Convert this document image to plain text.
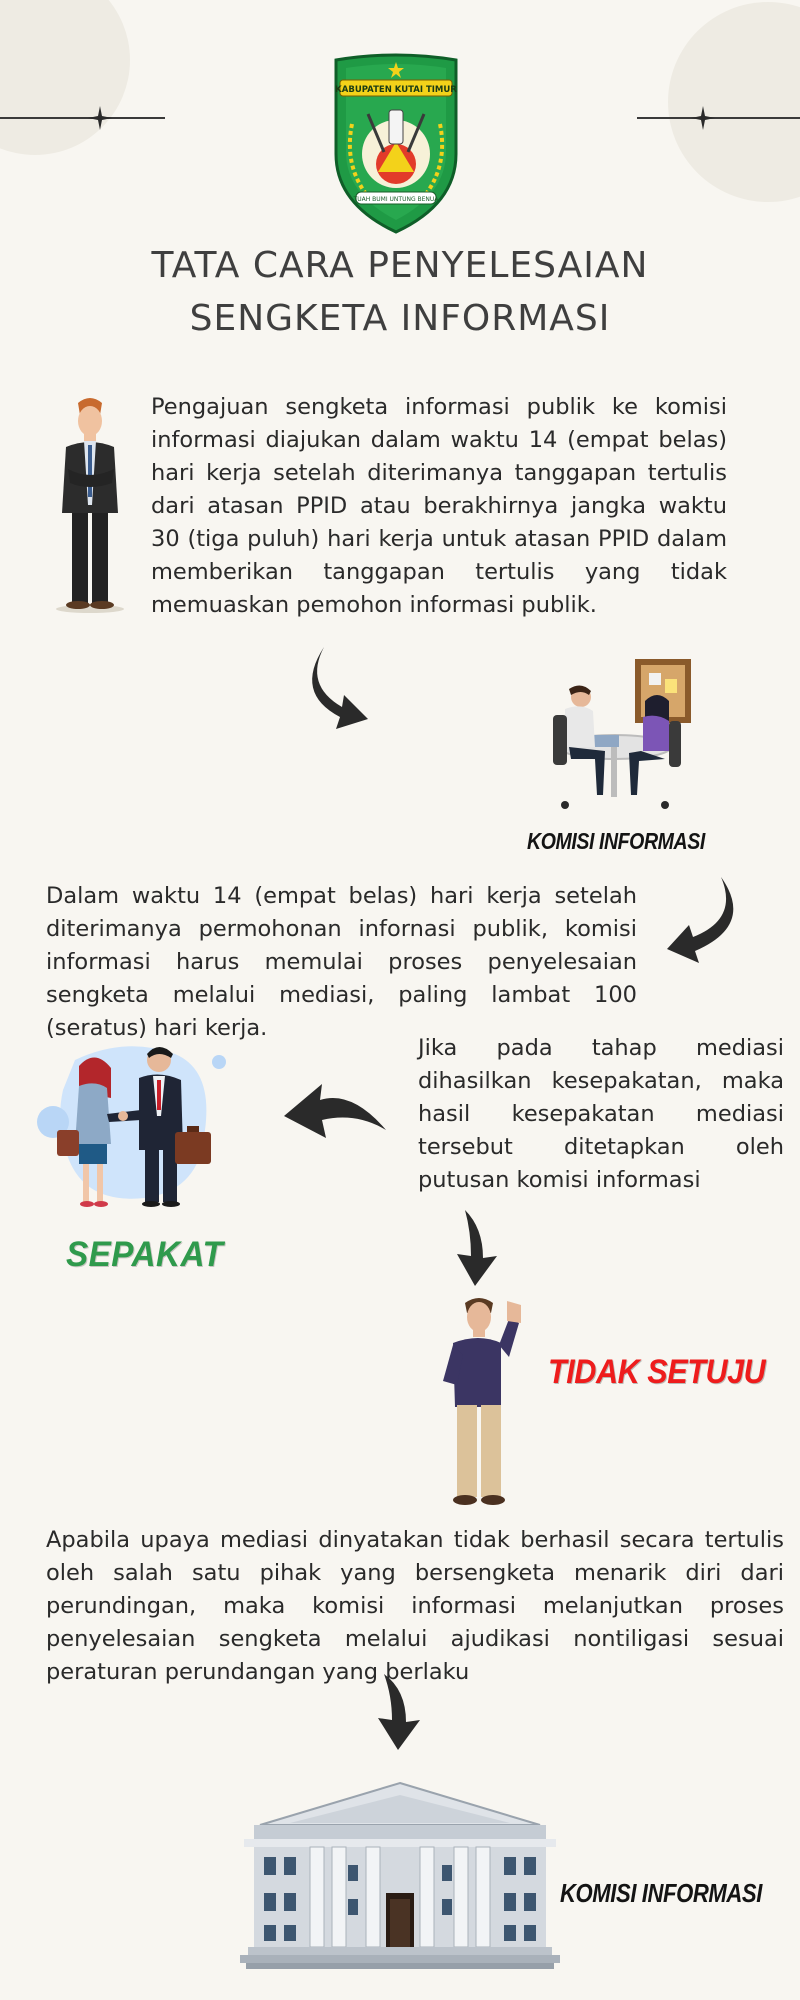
KABUPATEN KUTAI TIMUR
TUAH BUMI UNTUNG BENUA
TATA CARA PENYELESAIAN
SENGKETA INFORMASI

Pengajuan sengketa informasi publik ke komisi informasi diajukan dalam waktu 14 (empat belas) hari kerja setelah diterimanya tanggapan tertulis dari atasan PPID atau berakhirnya jangka waktu 30 (tiga puluh) hari kerja untuk atasan PPID dalam memberikan tanggapan tertulis yang tidak memuaskan pemohon informasi publik.

KOMISI INFORMASI

Dalam waktu 14 (empat belas) hari kerja setelah diterimanya permohonan infornasi publik, komisi informasi harus memulai proses penyelesaian sengketa melalui mediasi, paling lambat 100 (seratus) hari kerja.

SEPAKAT

Jika pada tahap mediasi dihasilkan kesepakatan, maka hasil kesepakatan mediasi tersebut ditetapkan oleh putusan komisi informasi

TIDAK SETUJU

Apabila upaya mediasi dinyatakan tidak berhasil secara tertulis oleh salah satu pihak yang bersengketa menarik diri dari perundingan, maka komisi informasi melanjutkan proses penyelesaian sengketa melalui ajudikasi nontiligasi sesuai peraturan perundangan yang berlaku

KOMISI INFORMASI
